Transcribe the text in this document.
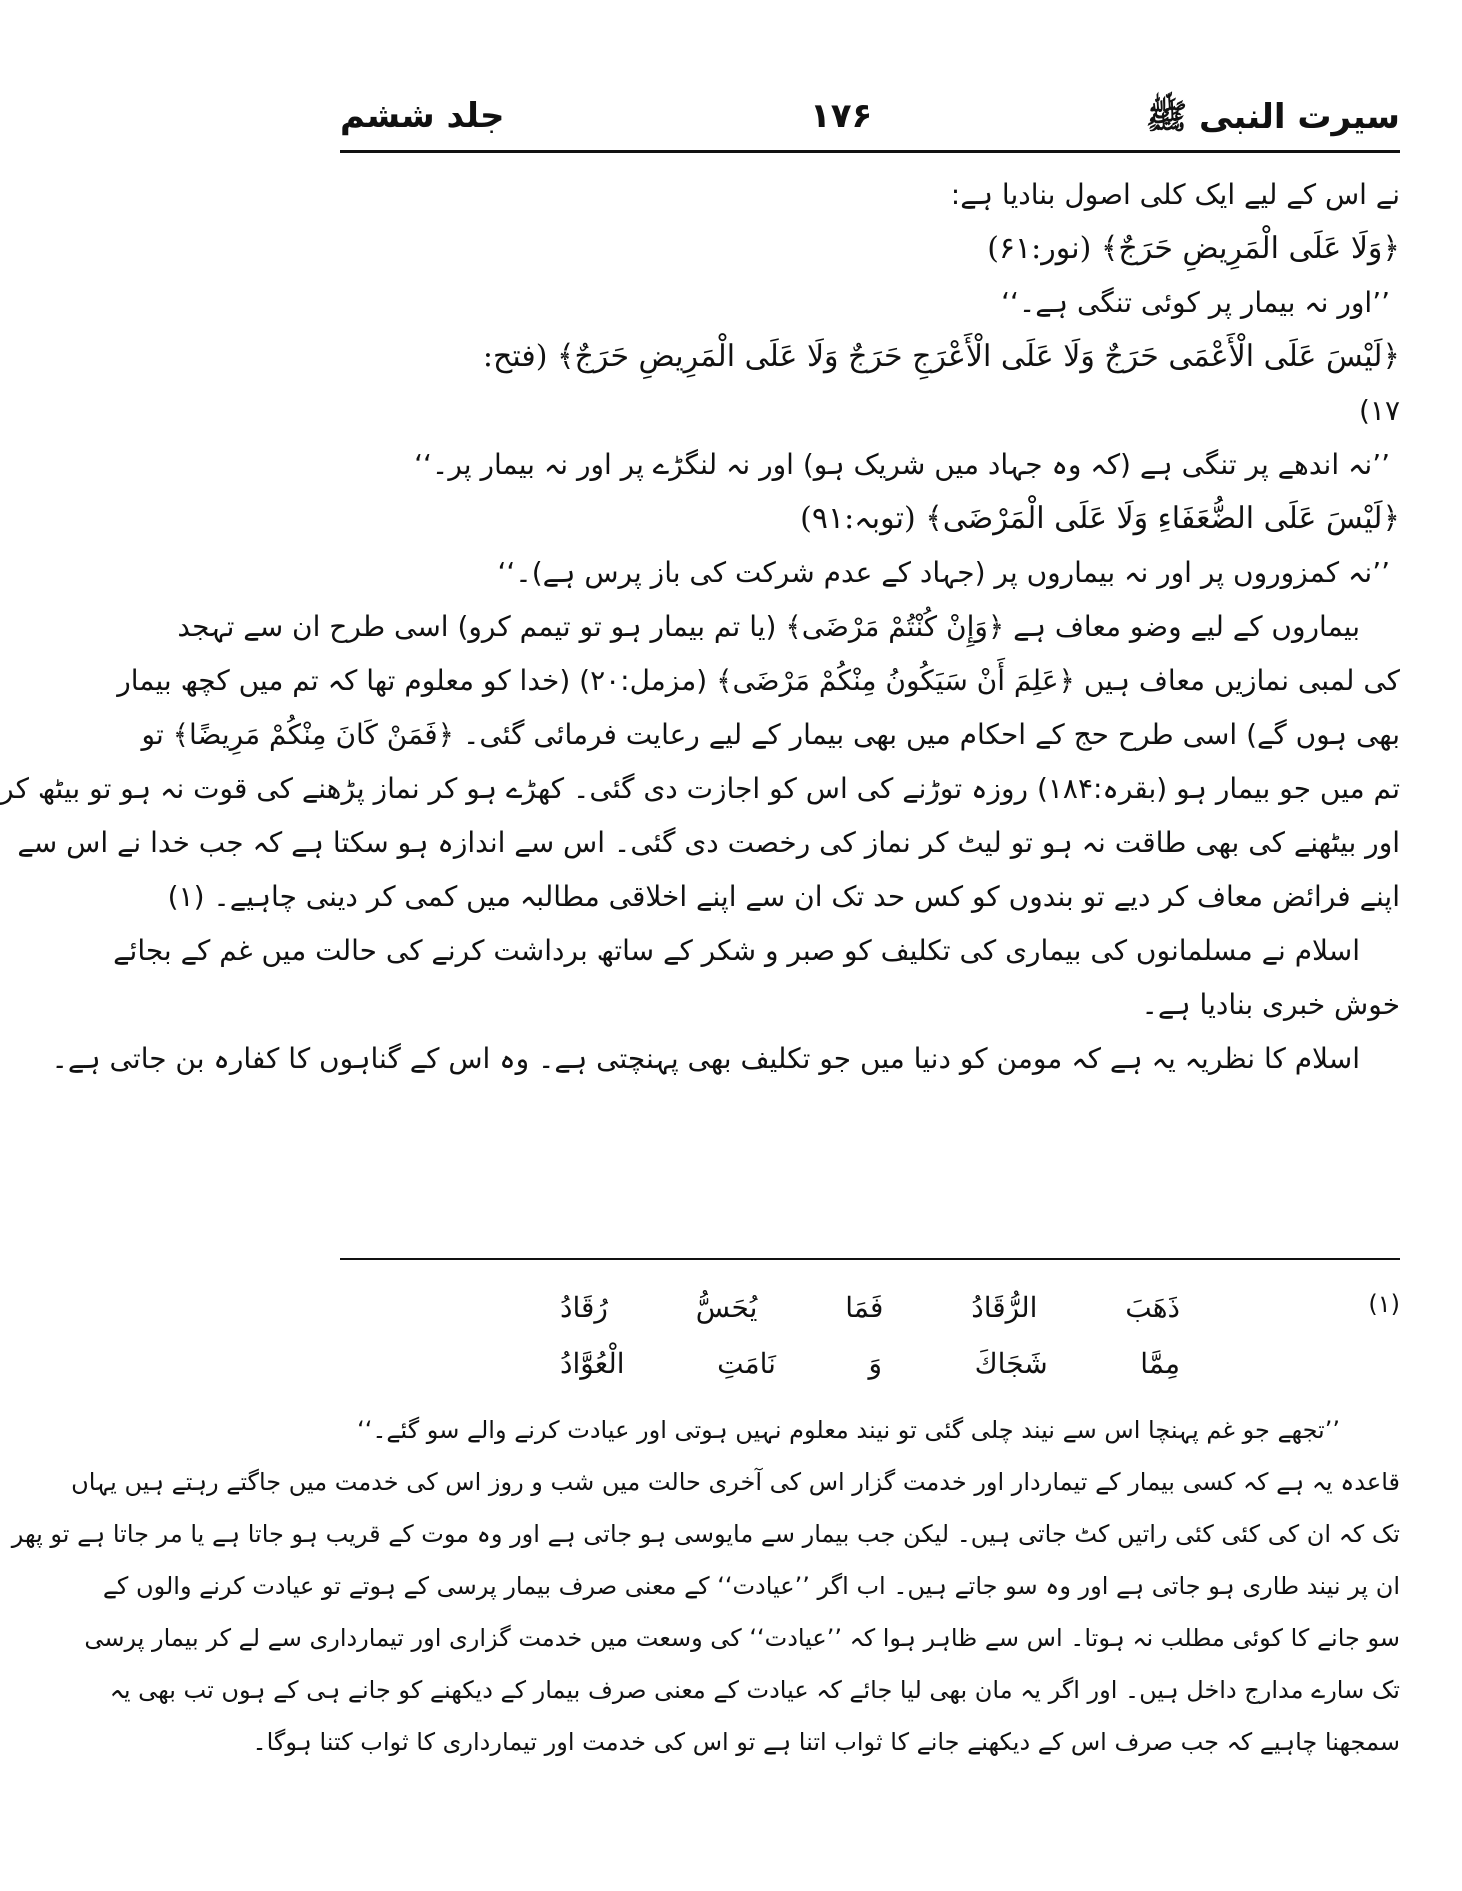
جلد ششم	۱۷۶	سیرت النبی ﷺ
نے اس کے لیے ایک کلی اصول بنادیا ہے:
﴿وَلَا عَلَى الْمَرِيضِ حَرَجٌ﴾ (نور:۶۱)
’’اور نہ بیمار پر کوئی تنگی ہے۔‘‘
﴿لَيْسَ عَلَى الْأَعْمَى حَرَجٌ وَلَا عَلَى الْأَعْرَجِ حَرَجٌ وَلَا عَلَى الْمَرِيضِ حَرَجٌ﴾ (فتح:
۱۷)
’’نہ اندھے پر تنگی ہے (کہ وہ جہاد میں شریک ہو) اور نہ لنگڑے پر اور نہ بیمار پر۔‘‘
﴿لَيْسَ عَلَى الضُّعَفَاءِ وَلَا عَلَى الْمَرْضَى﴾ (توبہ:۹۱)
’’نہ کمزوروں پر اور نہ بیماروں پر (جہاد کے عدم شرکت کی باز پرس ہے)۔‘‘
بیماروں کے لیے وضو معاف ہے ﴿وَإِنْ كُنْتُمْ مَرْضَى﴾ (یا تم بیمار ہو تو تیمم کرو) اسی طرح ان سے تہجد
کی لمبی نمازیں معاف ہیں ﴿عَلِمَ أَنْ سَيَكُونُ مِنْكُمْ مَرْضَى﴾ (مزمل:۲۰) (خدا کو معلوم تھا کہ تم میں کچھ بیمار
بھی ہوں گے) اسی طرح حج کے احکام میں بھی بیمار کے لیے رعایت فرمائی گئی۔ ﴿فَمَنْ كَانَ مِنْكُمْ مَرِيضًا﴾ تو
تم میں جو بیمار ہو (بقرہ:۱۸۴) روزہ توڑنے کی اس کو اجازت دی گئی۔ کھڑے ہو کر نماز پڑھنے کی قوت نہ ہو تو بیٹھ کر
اور بیٹھنے کی بھی طاقت نہ ہو تو لیٹ کر نماز کی رخصت دی گئی۔ اس سے اندازہ ہو سکتا ہے کہ جب خدا نے اس سے
اپنے فرائض معاف کر دیے تو بندوں کو کس حد تک ان سے اپنے اخلاقی مطالبہ میں کمی کر دینی چاہیے۔ (۱)
اسلام نے مسلمانوں کی بیماری کی تکلیف کو صبر و شکر کے ساتھ برداشت کرنے کی حالت میں غم کے بجائے
خوش خبری بنادیا ہے۔
اسلام کا نظریہ یہ ہے کہ مومن کو دنیا میں جو تکلیف بھی پہنچتی ہے۔ وہ اس کے گناہوں کا کفارہ بن جاتی ہے۔
(۱)
ذَهَبَ
الرُّقَادُ
فَمَا
يُحَسُّ
رُقَادُ
مِمَّا
شَجَاكَ
وَ
نَامَتِ
الْعُوَّادُ
’’تجھے جو غم پہنچا اس سے نیند چلی گئی تو نیند معلوم نہیں ہوتی اور عیادت کرنے والے سو گئے۔‘‘
قاعدہ یہ ہے کہ کسی بیمار کے تیماردار اور خدمت گزار اس کی آخری حالت میں شب و روز اس کی خدمت میں جاگتے رہتے ہیں یہاں
تک کہ ان کی کئی کئی راتیں کٹ جاتی ہیں۔ لیکن جب بیمار سے مایوسی ہو جاتی ہے اور وہ موت کے قریب ہو جاتا ہے یا مر جاتا ہے تو پھر
ان پر نیند طاری ہو جاتی ہے اور وہ سو جاتے ہیں۔ اب اگر ’’عیادت‘‘ کے معنی صرف بیمار پرسی کے ہوتے تو عیادت کرنے والوں کے
سو جانے کا کوئی مطلب نہ ہوتا۔ اس سے ظاہر ہوا کہ ’’عیادت‘‘ کی وسعت میں خدمت گزاری اور تیمارداری سے لے کر بیمار پرسی
تک سارے مدارج داخل ہیں۔ اور اگر یہ مان بھی لیا جائے کہ عیادت کے معنی صرف بیمار کے دیکھنے کو جانے ہی کے ہوں تب بھی یہ
سمجھنا چاہیے کہ جب صرف اس کے دیکھنے جانے کا ثواب اتنا ہے تو اس کی خدمت اور تیمارداری کا ثواب کتنا ہوگا۔
